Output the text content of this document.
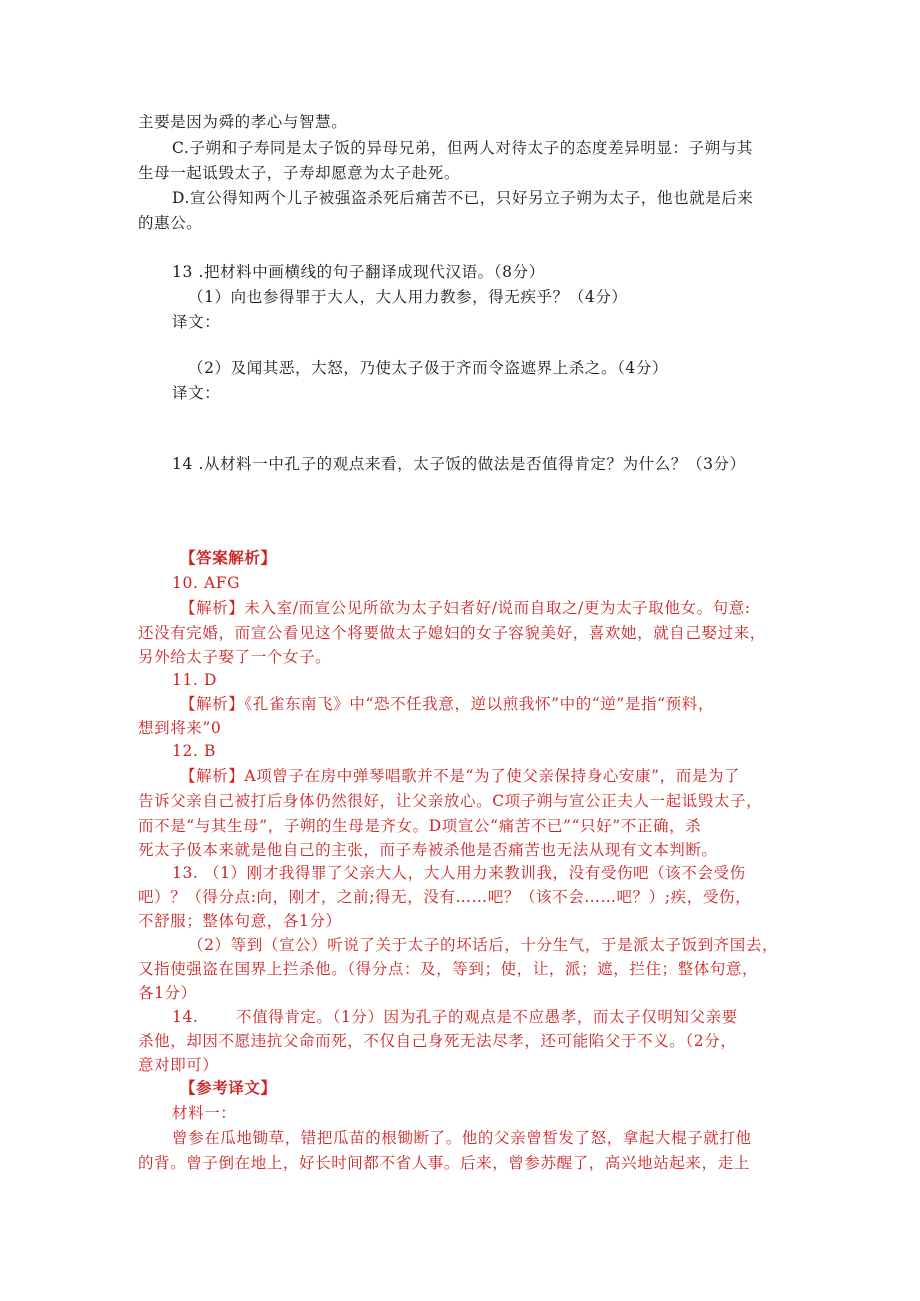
主要是因为舜的孝心与智慧。
C.子朔和子寿同是太子饭的异母兄弟，但两人对待太子的态度差异明显：子朔与其
生母一起诋毁太子，子寿却愿意为太子赴死。
D.宣公得知两个儿子被强盗杀死后痛苦不已，只好另立子朔为太子，他也就是后来
的惠公。
13 .把材料中画横线的句子翻译成现代汉语。（8分）
（1）向也参得罪于大人，大人用力教参，得无疾乎？（4分）
译文：
（2）及闻其恶，大怒，乃使太子伋于齐而令盗遮界上杀之。（4分）
译文：
14 .从材料一中孔子的观点来看，太子饭的做法是否值得肯定？为什么？（3分）
【答案解析】
10. AFG
【解析】未入室/而宣公见所欲为太子妇者好/说而自取之/更为太子取他女。句意:
还没有完婚，而宣公看见这个将要做太子媳妇的女子容貌美好，喜欢她，就自己娶过来，
另外给太子娶了一个女子。
11. D
【解析】《孔雀东南飞》中“恐不任我意，逆以煎我怀”中的“逆”是指“预料，
想到将来”0
12. B
【解析】A项曾子在房中弹琴唱歌并不是“为了使父亲保持身心安康”，而是为了
告诉父亲自己被打后身体仍然很好，让父亲放心。C项子朔与宣公正夫人一起诋毁太子，
而不是“与其生母”，子朔的生母是齐女。D项宣公“痛苦不已”“只好”不正确，杀
死太子伋本来就是他自己的主张，而子寿被杀他是否痛苦也无法从现有文本判断。
13. （1）刚才我得罪了父亲大人，大人用力来教训我，没有受伤吧（该不会受伤
吧）？（得分点:向，刚才，之前;得无，没有……吧？（该不会……吧？）;疾，受伤，
不舒服；整体句意，各1分）
（2）等到（宣公）听说了关于太子的坏话后，十分生气，于是派太子饭到齐国去，
又指使强盗在国界上拦杀他。（得分点：及，等到；使，让，派；遮，拦住；整体句意，
各1分）
14. 不值得肯定。（1分）因为孔子的观点是不应愚孝，而太子仅明知父亲要
杀他，却因不愿违抗父命而死，不仅自己身死无法尽孝，还可能陷父于不义。（2分，
意对即可）
【参考译文】
材料一：
曾参在瓜地锄草，错把瓜苗的根锄断了。他的父亲曾皙发了怒，拿起大棍子就打他
的背。曾子倒在地上，好长时间都不省人事。后来，曾参苏醒了，高兴地站起来，走上
